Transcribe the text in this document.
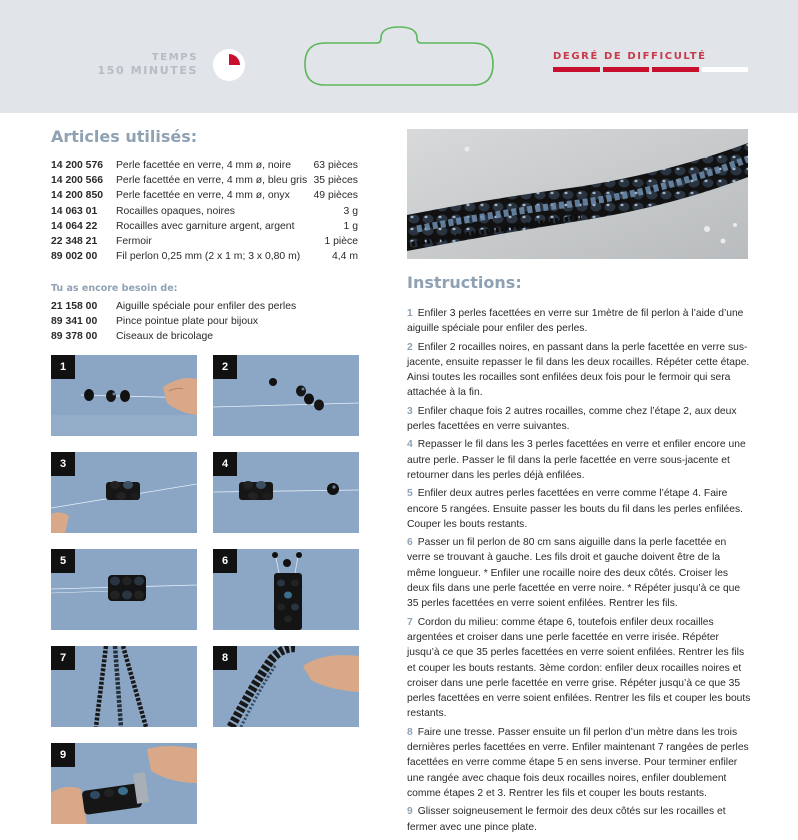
TEMPS
150 MINUTES
DEGRÉ DE DIFFICULTÉ
Articles utilisés:
14 200 576 Perle facettée en verre, 4 mm ø, noire 63 pièces
14 200 566 Perle facettée en verre, 4 mm ø, bleu gris 35 pièces
14 200 850 Perle facettée en verre, 4 mm ø, onyx 49 pièces
14 063 01 Rocailles opaques, noires	3 g
14 064 22 Rocailles avec garniture argent, argent	1 g
22 348 21 Fermoir	1 pièce
89 002 00 Fil perlon 0,25 mm (2 x 1 m; 3 x 0,80 m)	4,4 m
Tu as encore besoin de:
21 158 00 Aiguille spéciale pour enfiler des perles
89 341 00 Pince pointue plate pour bijoux
89 378 00 Ciseaux de bricolage
1	2
3	4
5	6
7	8
9
Instructions:

1 Enfiler 3 perles facettées en verre sur 1mètre de fil perlon à l’aide d’une aiguille spéciale pour enfiler des perles.

2 Enfiler 2 rocailles noires, en passant dans la perle facettée en verre sus-jacente, ensuite repasser le fil dans les deux rocailles. Répéter cette étape. Ainsi toutes les rocailles sont enfilées deux fois pour le fermoir qui sera attachée à la fin.

3 Enfiler chaque fois 2 autres rocailles, comme chez l’étape 2, aux deux perles facettées en verre suivantes.

4 Repasser le fil dans les 3 perles facettées en verre et enfiler encore une autre perle. Passer le fil dans la perle facettée en verre sous-jacente et retourner dans les perles déjà enfilées.

5 Enfiler deux autres perles facettées en verre comme l’étape 4. Faire encore 5 rangées. Ensuite passer les bouts du fil dans les perles enfilées. Couper les bouts restants.

6 Passer un fil perlon de 80 cm sans aiguille dans la perle facettée en verre se trouvant à gauche. Les fils droit et gauche doivent être de la même longueur. * Enfiler une rocaille noire des deux côtés. Croiser les deux fils dans une perle facettée en verre noire. * Répéter jusqu’à ce que 35 perles facettées en verre soient enfilées. Rentrer les fils.

7 Cordon du milieu: comme étape 6, toutefois enfiler deux rocailles argentées et croiser dans une perle facettée en verre irisée. Répéter jusqu’à ce que 35 perles facettées en verre soient enfilées. Rentrer les fils et couper les bouts restants. 3ème cordon: enfiler deux rocailles noires et croiser dans une perle facettée en verre grise. Répéter jusqu’à ce que 35 perles facettées en verre soient enfilées. Rentrer les fils et couper les bouts restants.

8 Faire une tresse. Passer ensuite un fil perlon d’un mètre dans les trois dernières perles facettées en verre. Enfiler maintenant 7 rangées de perles facettées en verre comme étape 5 en sens inverse. Pour terminer enfiler une rangée avec chaque fois deux rocailles noires, enfiler doublement comme étapes 2 et 3. Rentrer les fils et couper les bouts restants.

9 Glisser soigneusement le fermoir des deux côtés sur les rocailles et fermer avec une pince plate.
